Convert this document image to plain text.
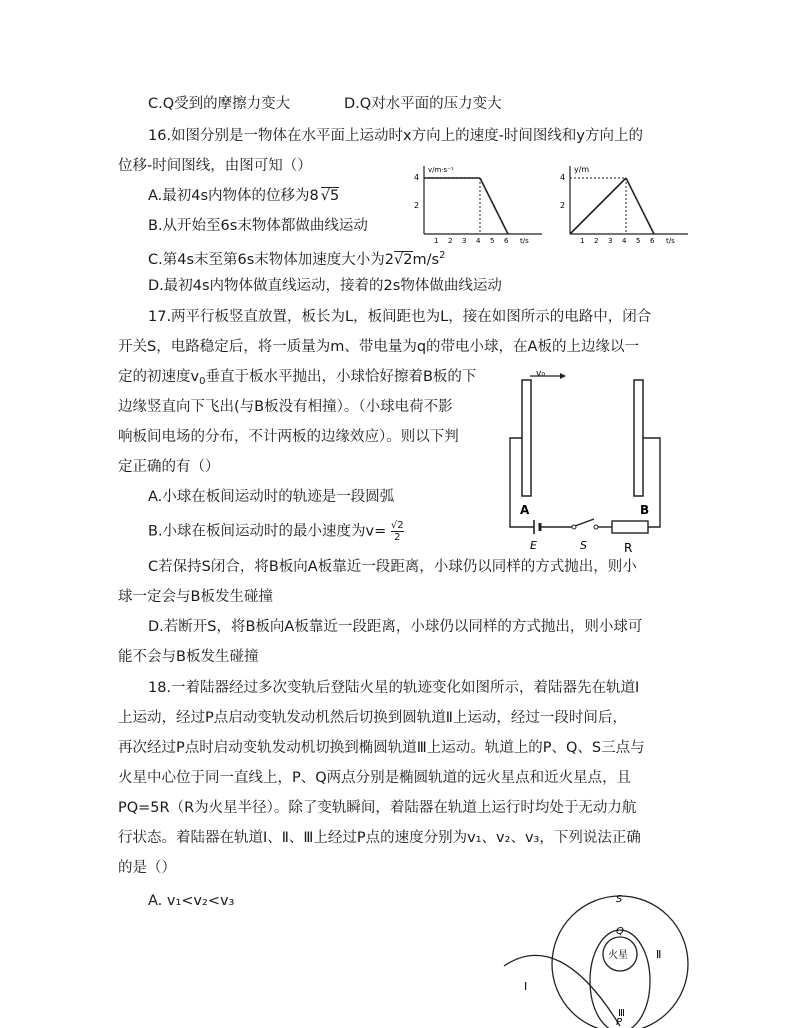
C.Q受到的摩擦力变大	D.Q对水平面的压力变大
16.如图分别是一物体在水平面上运动时x方向上的速度-时间图线和y方向上的
位移-时间图线，由图可知（）
A.最初4s内物体的位移为8 √5
B.从开始至6s末物体都做曲线运动
C.第4s末至第6s末物体加速度大小为$2√2m/s^2$
D.最初4s内物体做直线运动，接着的2s物体做曲线运动
v/m·s⁻¹
4
2
1 2 3 4 5 6 t/s
y/m
4
2
1 2 3 4 5 6 t/s
17.两平行板竖直放置，板长为L，板间距也为L，接在如图所示的电路中，闭合
开关S，电路稳定后，将一质量为m、带电量为q的带电小球，在A板的上边缘以一
定的初速度$v_0$垂直于板水平抛出，小球恰好擦着B板的下
边缘竖直向下飞出(与B板没有相撞）。（小球电荷不影
响板间电场的分布，不计两板的边缘效应）。则以下判
定正确的有（）
A.小球在板间运动时的轨迹是一段圆弧
B.小球在板间运动时的最小速度为$v= \frac{√2}{2}$
C若保持S闭合，将B板向A板靠近一段距离，小球仍以同样的方式抛出，则小
球一定会与B板发生碰撞
D.若断开S，将B板向A板靠近一段距离，小球仍以同样的方式抛出，则小球可
能不会与B板发生碰撞
v₀
A	B
E	S	R
18.一着陆器经过多次变轨后登陆火星的轨迹变化如图所示，着陆器先在轨道I
上运动，经过P点启动变轨发动机然后切换到圆轨道Ⅱ上运动，经过一段时间后，
再次经过P点时启动变轨发动机切换到椭圆轨道Ⅲ上运动。轨道上的P、Q、S三点与
火星中心位于同一直线上，P、Q两点分别是椭圆轨道的远火星点和近火星点，且
PQ=5R（R为火星半径）。除了变轨瞬间，着陆器在轨道上运行时均处于无动力航
行状态。着陆器在轨道I、Ⅱ、Ⅲ上经过P点的速度分别为v₁、v₂、v₃，下列说法正确
的是（）
A. v₁<v₂<v₃
I
Ⅱ
Ⅲ
火星
S
Q
P
